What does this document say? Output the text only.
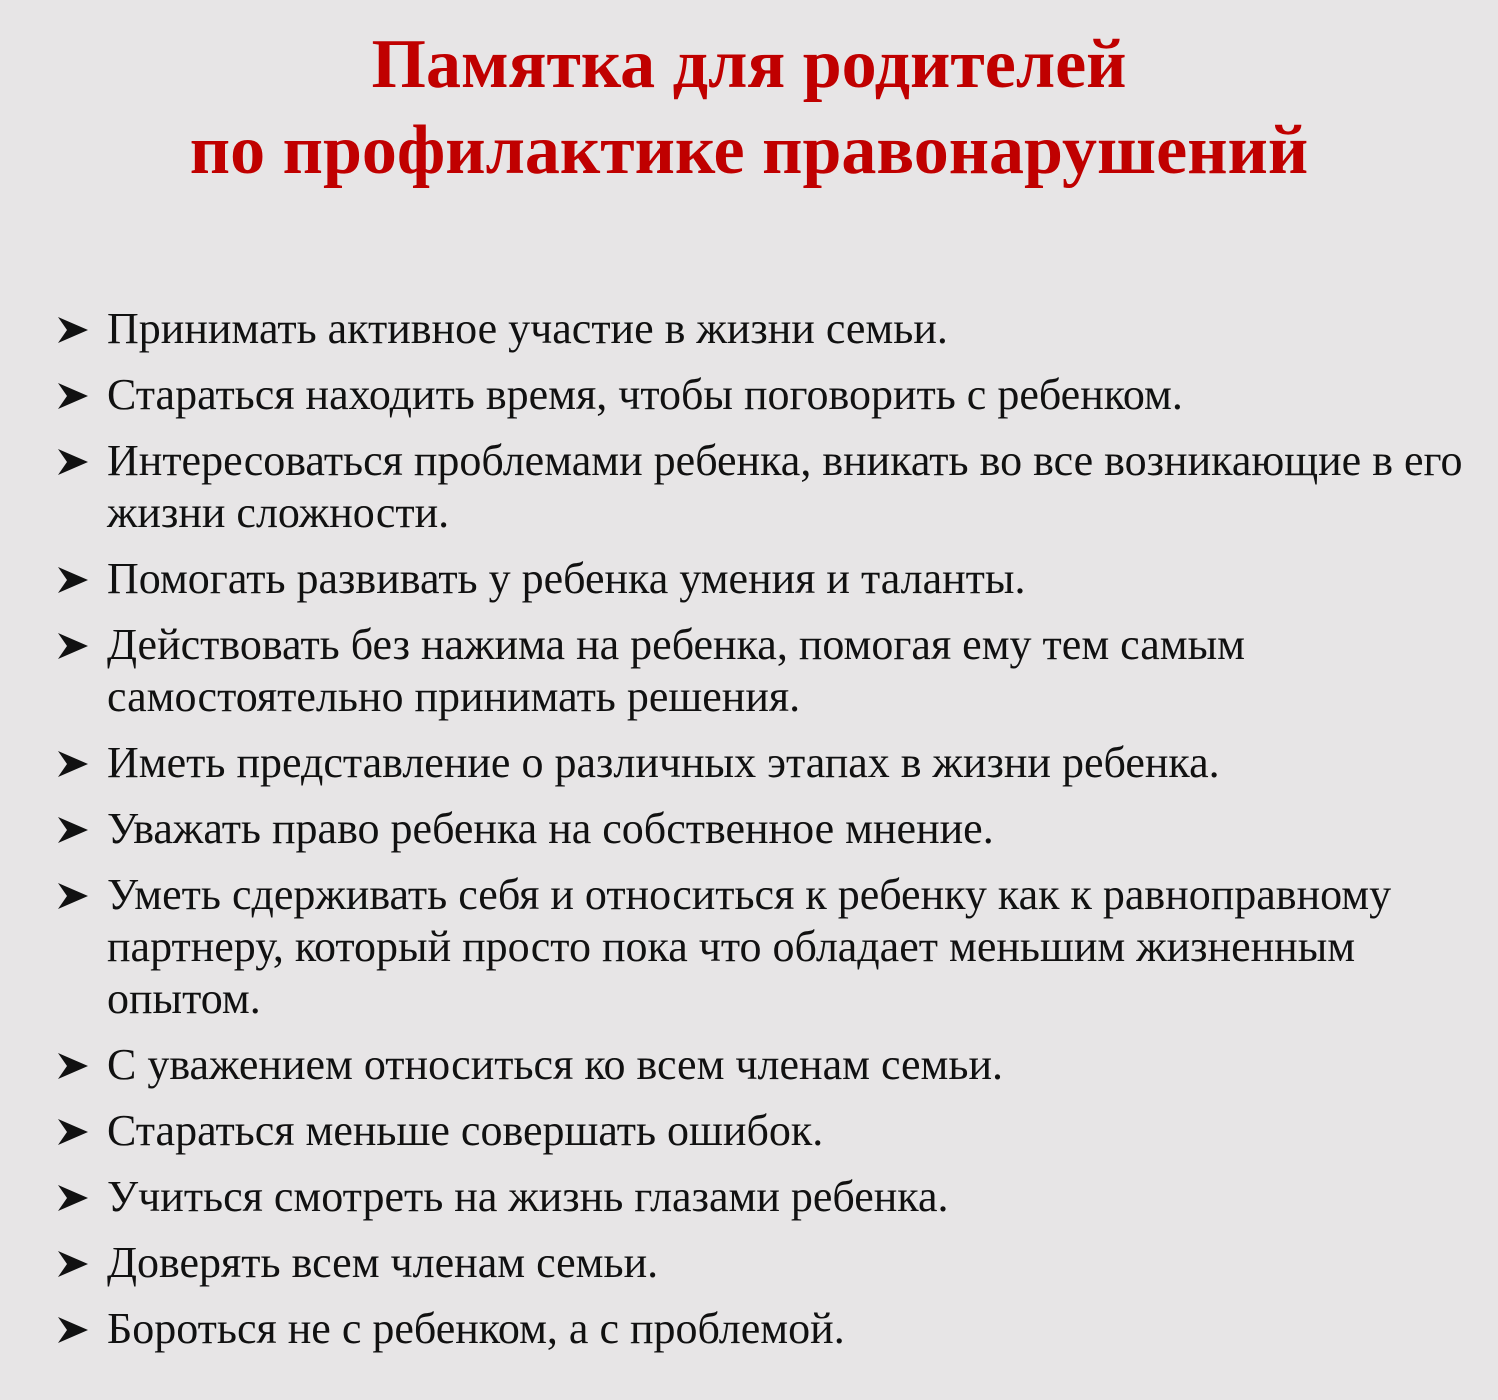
Памятка для родителей
по профилактике правонарушений
Принимать активное участие в жизни семьи.
Стараться находить время, чтобы поговорить с ребенком.
Интересоваться проблемами ребенка, вникать во все возникающие в его жизни сложности.
Помогать развивать у ребенка умения и таланты.
Действовать без нажима на ребенка, помогая ему тем самым самостоятельно принимать решения.
Иметь представление о различных этапах в жизни ребенка.
Уважать право ребенка на собственное мнение.
Уметь сдерживать себя и относиться к ребенку как к равноправному партнеру, который просто пока что обладает меньшим жизненным опытом.
С уважением относиться ко всем членам семьи.
Стараться меньше совершать ошибок.
Учиться смотреть на жизнь глазами ребенка.
Доверять всем членам семьи.
Бороться не с ребенком, а с проблемой.
